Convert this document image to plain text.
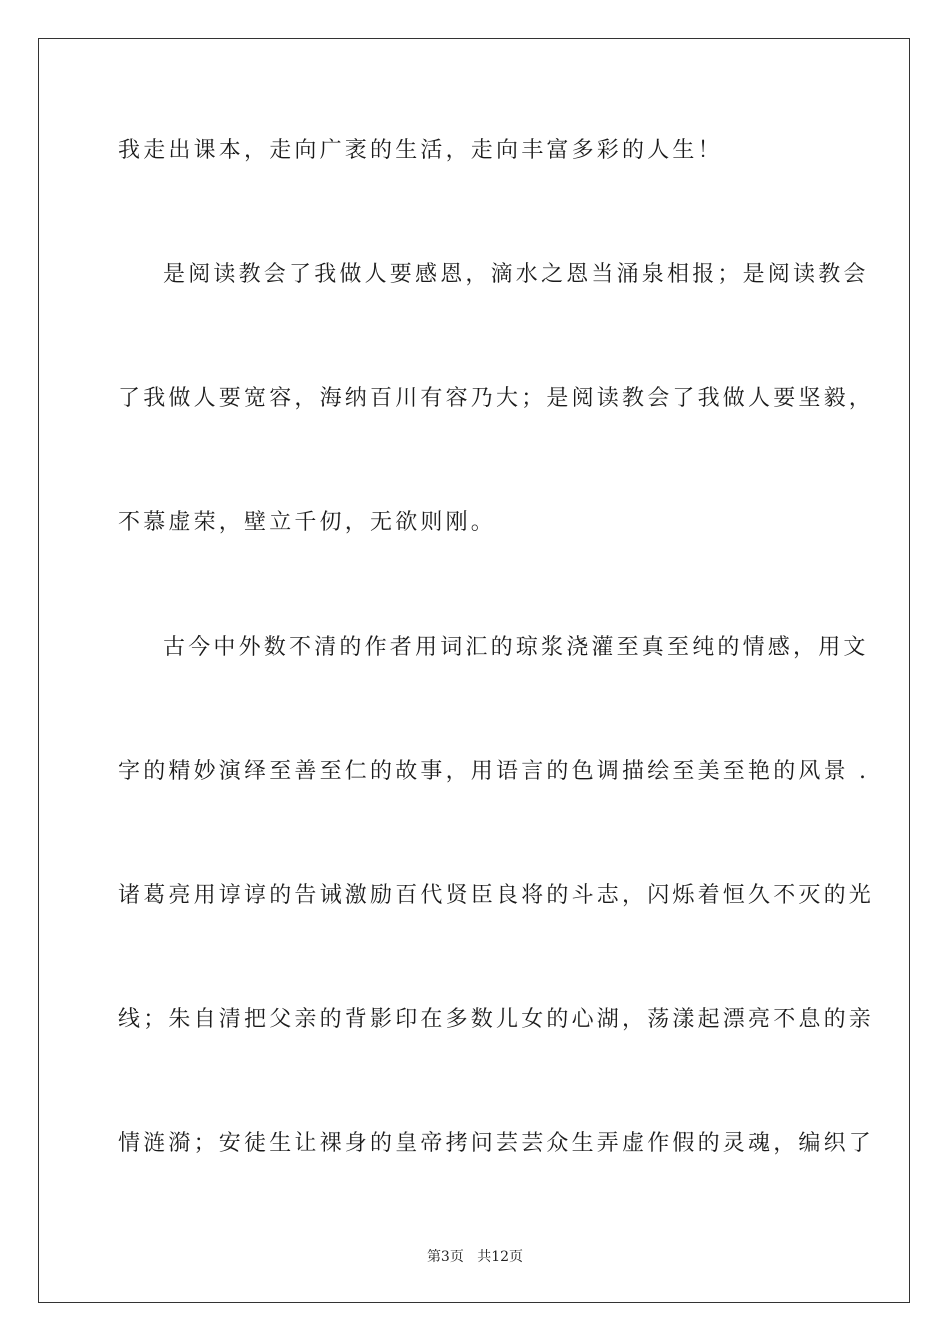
我走出课本，走向广袤的生活，走向丰富多彩的人生！
是阅读教会了我做人要感恩，滴水之恩当涌泉相报；是阅读教会
了我做人要宽容，海纳百川有容乃大；是阅读教会了我做人要坚毅，
不慕虚荣，壁立千仞，无欲则刚。
古今中外数不清的作者用词汇的琼浆浇灌至真至纯的情感，用文
字的精妙演绎至善至仁的故事，用语言的色调描绘至美至艳的风景 .
诸葛亮用谆谆的告诫激励百代贤臣良将的斗志，闪烁着恒久不灭的光
线；朱自清把父亲的背影印在多数儿女的心湖，荡漾起漂亮不息的亲
情涟漪；安徒生让裸身的皇帝拷问芸芸众生弄虚作假的灵魂，编织了
第3页 共12页
